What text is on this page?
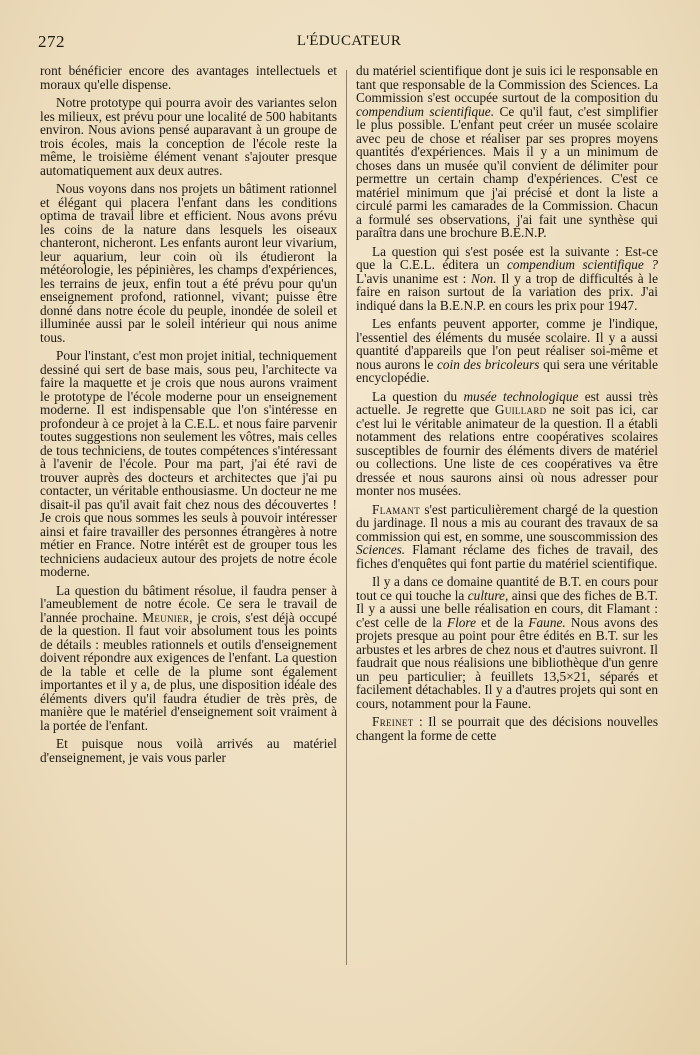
272	L'ÉDUCATEUR

ront bénéficier encore des avantages intellectuels et moraux qu'elle dispense.

Notre prototype qui pourra avoir des variantes selon les milieux, est prévu pour une localité de 500 habitants environ. Nous avions pensé auparavant à un groupe de trois écoles, mais la conception de l'école reste la même, le troisième élément venant s'ajouter presque automatiquement aux deux autres.

Nous voyons dans nos projets un bâtiment rationnel et élégant qui placera l'enfant dans les conditions optima de travail libre et efficient. Nous avons prévu les coins de la nature dans lesquels les oiseaux chanteront, nicheront. Les enfants auront leur vivarium, leur aquarium, leur coin où ils étudieront la météorologie, les pépinières, les champs d'expériences, les terrains de jeux, enfin tout a été prévu pour qu'un enseignement profond, rationnel, vivant; puisse être donné dans notre école du peuple, inondée de soleil et illuminée aussi par le soleil intérieur qui nous anime tous.

Pour l'instant, c'est mon projet initial, techniquement dessiné qui sert de base mais, sous peu, l'architecte va faire la maquette et je crois que nous aurons vraiment le prototype de l'école moderne pour un enseignement moderne. Il est indispensable que l'on s'intéresse en profondeur à ce projet à la C.E.L. et nous faire parvenir toutes suggestions non seulement les vôtres, mais celles de tous techniciens, de toutes compétences s'intéressant à l'avenir de l'école. Pour ma part, j'ai été ravi de trouver auprès des docteurs et architectes que j'ai pu contacter, un véritable enthousiasme. Un docteur ne me disait-il pas qu'il avait fait chez nous des découvertes ! Je crois que nous sommes les seuls à pouvoir intéresser ainsi et faire travailler des personnes étrangères à notre métier en France. Notre intérêt est de grouper tous les techniciens audacieux autour des projets de notre école moderne.

La question du bâtiment résolue, il faudra penser à l'ameublement de notre école. Ce sera le travail de l'année prochaine. Meunier, je crois, s'est déjà occupé de la question. Il faut voir absolument tous les points de détails : meubles rationnels et outils d'enseignement doivent répondre aux exigences de l'enfant. La question de la table et celle de la plume sont également importantes et il y a, de plus, une disposition idéale des éléments divers qu'il faudra étudier de très près, de manière que le matériel d'enseignement soit vraiment à la portée de l'enfant.

Et puisque nous voilà arrivés au matériel d'enseignement, je vais vous parler

du matériel scientifique dont je suis ici le responsable en tant que responsable de la Commission des Sciences. La Commission s'est occupée surtout de la composition du compendium scientifique. Ce qu'il faut, c'est simplifier le plus possible. L'enfant peut créer un musée scolaire avec peu de chose et réaliser par ses propres moyens quantités d'expériences. Mais il y a un minimum de choses dans un musée qu'il convient de délimiter pour permettre un certain champ d'expériences. C'est ce matériel minimum que j'ai précisé et dont la liste a circulé parmi les camarades de la Commission. Chacun a formulé ses observations, j'ai fait une synthèse qui paraîtra dans une brochure B.E.N.P.

La question qui s'est posée est la suivante : Est-ce que la C.E.L. éditera un compendium scientifique ? L'avis unanime est : Non. Il y a trop de difficultés à le faire en raison surtout de la variation des prix. J'ai indiqué dans la B.E.N.P. en cours les prix pour 1947.

Les enfants peuvent apporter, comme je l'indique, l'essentiel des éléments du musée scolaire. Il y a aussi quantité d'appareils que l'on peut réaliser soi-même et nous aurons le coin des bricoleurs qui sera une véritable encyclopédie.

La question du musée technologique est aussi très actuelle. Je regrette que Guillard ne soit pas ici, car c'est lui le véritable animateur de la question. Il a établi notamment des relations entre coopératives scolaires susceptibles de fournir des éléments divers de matériel ou collections. Une liste de ces coopératives va être dressée et nous saurons ainsi où nous adresser pour monter nos musées.

Flamant s'est particulièrement chargé de la question du jardinage. Il nous a mis au courant des travaux de sa commission qui est, en somme, une souscommission des Sciences. Flamant réclame des fiches de travail, des fiches d'enquêtes qui font partie du matériel scientifique.

Il y a dans ce domaine quantité de B.T. en cours pour tout ce qui touche la culture, ainsi que des fiches de B.T. Il y a aussi une belle réalisation en cours, dit Flamant : c'est celle de la Flore et de la Faune. Nous avons des projets presque au point pour être édités en B.T. sur les arbustes et les arbres de chez nous et d'autres suivront. Il faudrait que nous réalisions une bibliothèque d'un genre un peu particulier; à feuillets 13,5×21, séparés et facilement détachables. Il y a d'autres projets qui sont en cours, notamment pour la Faune.

Freinet : Il se pourrait que des décisions nouvelles changent la forme de cette
